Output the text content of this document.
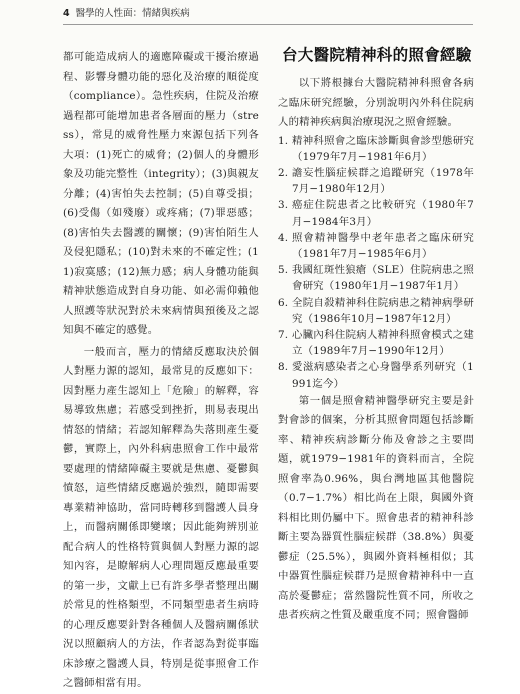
4 醫學的人性面：情緒與疾病

都可能造成病人的適應障礙或干擾治療過程、影響身體功能的惡化及治療的順從度（compliance）。急性疾病，住院及治療過程都可能增加患者各層面的壓力（stress），常見的威脅性壓力來源包括下列各大項：(1)死亡的威脅；(2)個人的身體形象及功能完整性（integrity）；(3)與親友分離；(4)害怕失去控制；(5)自尊受損；(6)受傷（如殘廢）或疼痛；(7)罪惡感；(8)害怕失去醫護的關懷；(9)害怕陌生人及侵犯隱私；(10)對未來的不確定性；(11)寂寞感；(12)無力感；病人身體功能與精神狀態造成對自身功能、如必需仰賴他人照護等狀況對於未來病情與預後及之認知與不確定的感覺。

一般而言，壓力的情緒反應取決於個人對壓力源的認知，最常見的反應如下：因對壓力產生認知上「危險」的解釋，容易導致焦慮；若感受到挫折，則易表現出情怒的情緒；若認知解釋為失落則產生憂鬱，實際上，內外科病患照會工作中最常要處理的情緒障礙主要就是焦慮、憂鬱與憤怒，這些情緒反應過於強烈，隨即需要專業精神協助，當同時轉移到醫護人員身上，而醫病關係即變壞；因此能夠辨別並配合病人的性格特質與個人對壓力源的認知內容，是瞭解病人心理問題反應最重要的第一步，文獻上已有許多學者整理出關於常見的性格類型，不同類型患者生病時的心理反應要針對各種個人及醫病關係狀況以照顧病人的方法，作者認為對從事臨床診療之醫護人員，特別是從事照會工作之醫師相當有用。

台大醫院精神科的照會經驗

以下將根據台大醫院精神科照會各病之臨床研究經驗，分別說明內外科住院病人的精神疾病與治療現況之照會經驗。

1. 精神科照會之臨床診斷與會診型態研究（1979年7月−1981年6月）
2. 譫妄性腦症候群之追蹤研究（1978年7月−1980年12月）
3. 癌症住院患者之比較研究（1980年7月−1984年3月）
4. 照會精神醫學中老年患者之臨床研究（1981年7月−1985年6月）
5. 我國紅斑性狼瘡（SLE）住院病患之照會研究（1980年1月−1987年1月）
6. 全院自殺精神科住院病患之精神病學研究（1986年10月−1987年12月）
7. 心臟內科住院病人精神科照會模式之建立（1989年7月−1990年12月）
8. 愛滋病感染者之心身醫學系列研究（1991迄今）

第一個是照會精神醫學研究主要是針對會診的個案，分析其照會問題包括診斷率、精神疾病診斷分佈及會診之主要問題，就1979−1981年的資料而言，全院照會率為0.96%，與台灣地區其他醫院（0.7−1.7%）相比尚在上限，與國外資料相比則仍屬中下。照會患者的精神科診斷主要為器質性腦症候群（38.8%）與憂鬱症（25.5%），與國外資料極相似；其中器質性腦症候群乃是照會精神科中一直高於憂鬱症；當然醫院性質不同，所收之患者疾病之性質及嚴重度不同；照會醫師
